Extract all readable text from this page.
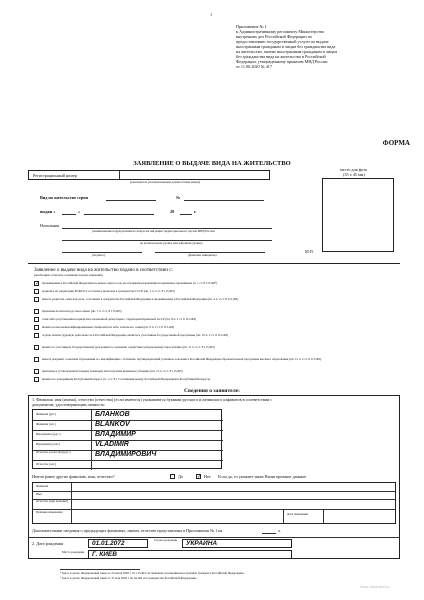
1
Приложение № 1
к Административному регламенту Министерства
внутренних дел Российской Федерации по
предоставлению государственной услуги по выдаче
иностранным гражданам и лицам без гражданства вида
на жительство, замене иностранным гражданам и лицам
без гражданства вида на жительство в Российской
Федерации, утвержденному приказом МВД России
от 11.06.2020 № 417
ФОРМА
ЗАЯВЛЕНИЕ О ВЫДАЧЕ ВИДА НА ЖИТЕЛЬСТВО
Регистрационный номер
(заполняется уполномоченным должностным лицом)
место для фото
(35 х 45 мм)
Вид на жительство серия	№
выдан «	»	20	г.
Начальник
(наименование подразделения по вопросам миграции территориального органа МВД России
на региональном уровне или районном уровне)
(подпись)	(фамилия, инициалы)
М.П.
Заявление о выдаче вида на жительство подано в соответствии с:
(необходимо отметить основание подачи заявления)
✓ проживанием в Российской Федерации не менее одного года на основании разрешения на временное проживание (п. 1 ст. 8 115-ФЗ¹)
родились на территории РСФСР и состояли в прошлом в гражданстве СССР (пп. 1 п. 2 ст. 8 115-ФЗ)
имеете родителя, сына или дочь, состоящих в гражданстве Российской Федерации и проживающих в Российской Федерации (пп. 4 п. 2 ст. 8 115-ФЗ)
признаны носителем русского языка (пп. 7 п. 2 ст. 8 115-ФЗ)
сами либо родственники подверглись незаконной депортации с территории Крымской АССР (пп. 8 п. 2 ст. 8 115-ФЗ)
являетесь высококвалифицированным специалистом либо членом его семьи (пп. 9 п. 2 ст. 8 115-ФЗ)
осуществляли трудовую деятельность в Российской Федерации, являетесь участником Государственной программы (пп. 10 п. 2 ст. 8 115-ФЗ)
являетесь участником Государственной программы по оказанию содействия добровольному переселению (пп. 11 п. 2 ст. 8 115-ФЗ)
имеете документ о высшем образовании и о квалификации с отличием, подтверждающий успешное освоение в Российской Федерации образовательной программы высшего образования (пп. 12 п. 2 ст. 8 115-ФЗ)
признаны в установленном порядке беженцем или получили временное убежище (пп. 13 п. 2 ст. 8 115-ФЗ)
являетесь гражданином Республики Беларусь (п. 1 ст. 8.1 Соглашения между Российской Федерацией и Республикой Беларусь)
Сведения о заявителе:
1. Фамилия, имя (имена), отчество (отчества) (если имеются) указываются буквами русского и латинского алфавитов в соответствии с
документом, удостоверяющим личность:
Фамилия (рус.)	БЛАНКОВ
Фамилия (лат.)	BLANKOV
Имя (имена) (рус.)	ВЛАДИМИР
Имя (имена) (лат.)	VLADIMIR
Отчество (отчества) (рус.)	ВЛАДИМИРОВИЧ
Отчество (лат.)
Имели ранее другие фамилию, имя, отчество?	Да	✓ Нет. Если да, то укажите ниже Ваши прежние данные:
Фамилия
Имя
Отчество (при наличии)
Причина изменения	Дата изменения
Дополнительные сведения о предыдущих фамилиях, имени, отчестве представлены в Приложении № 1 на	л.
2. Дата рождения	01.01.2072	Страна рождения	УКРАИНА
Место рождения Г. КИЕВ
¹ Здесь и далее: Федеральный закон от 25 июля 2002 г. № 115-ФЗ «О правовом положении иностранных граждан в Российской Федерации».
² Здесь и далее: Федеральный закон от 31 мая 2002 г. № 62-ФЗ «О гражданстве Российской Федерации».
https://blankof.ru
